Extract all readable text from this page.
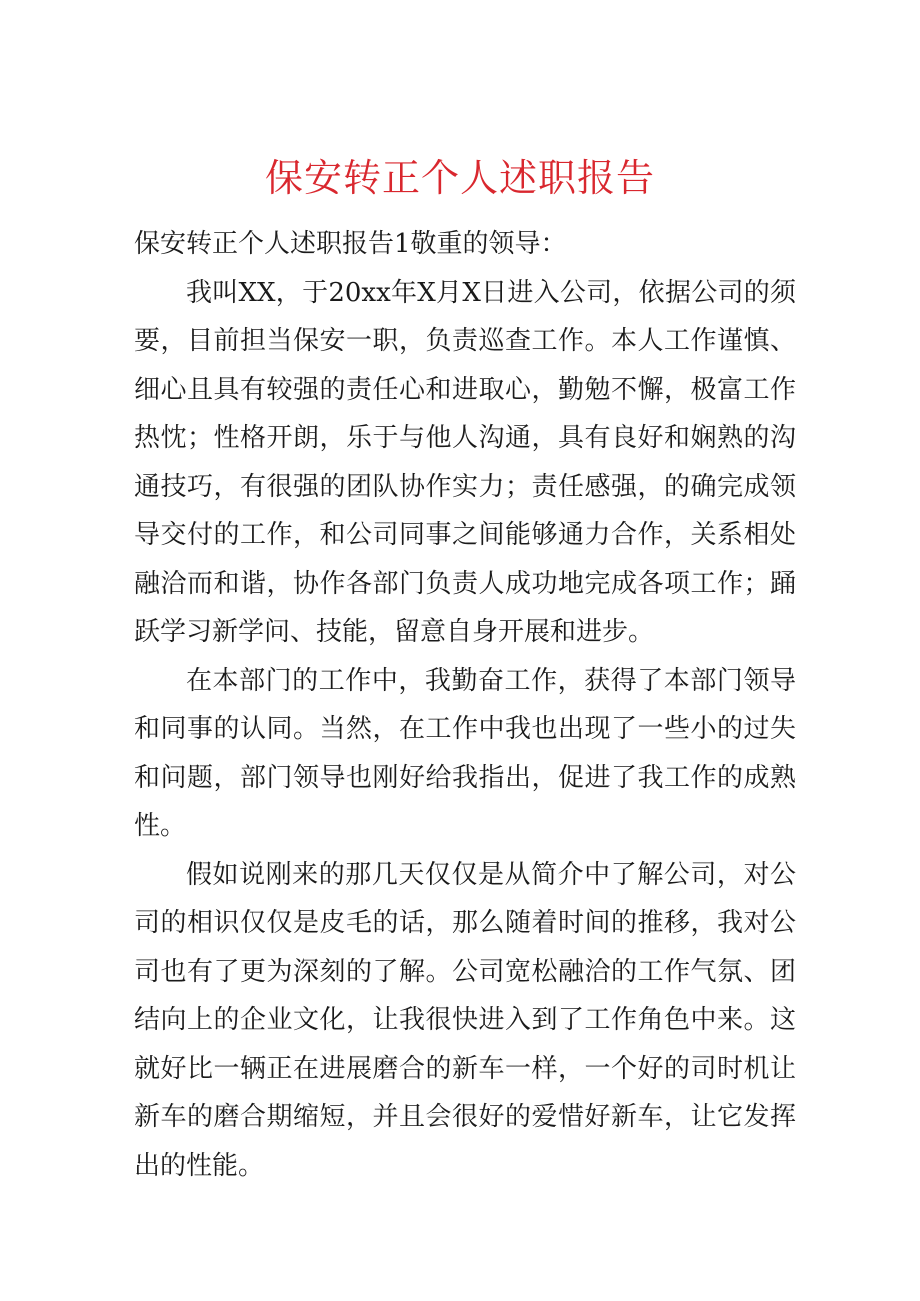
保安转正个人述职报告

保安转正个人述职报告1敬重的领导：

我叫XX，于20xx年X月X日进入公司，依据公司的须要，目前担当保安一职，负责巡查工作。本人工作谨慎、细心且具有较强的责任心和进取心，勤勉不懈，极富工作热忱；性格开朗，乐于与他人沟通，具有良好和娴熟的沟通技巧，有很强的团队协作实力；责任感强，的确完成领导交付的工作，和公司同事之间能够通力合作，关系相处融洽而和谐，协作各部门负责人成功地完成各项工作；踊跃学习新学问、技能，留意自身开展和进步。

在本部门的工作中，我勤奋工作，获得了本部门领导和同事的认同。当然，在工作中我也出现了一些小的过失和问题，部门领导也刚好给我指出，促进了我工作的成熟性。

假如说刚来的那几天仅仅是从简介中了解公司，对公司的相识仅仅是皮毛的话，那么随着时间的推移，我对公司也有了更为深刻的了解。公司宽松融洽的工作气氛、团结向上的企业文化，让我很快进入到了工作角色中来。这就好比一辆正在进展磨合的新车一样，一个好的司时机让新车的磨合期缩短，并且会很好的爱惜好新车，让它发挥出的性能。
